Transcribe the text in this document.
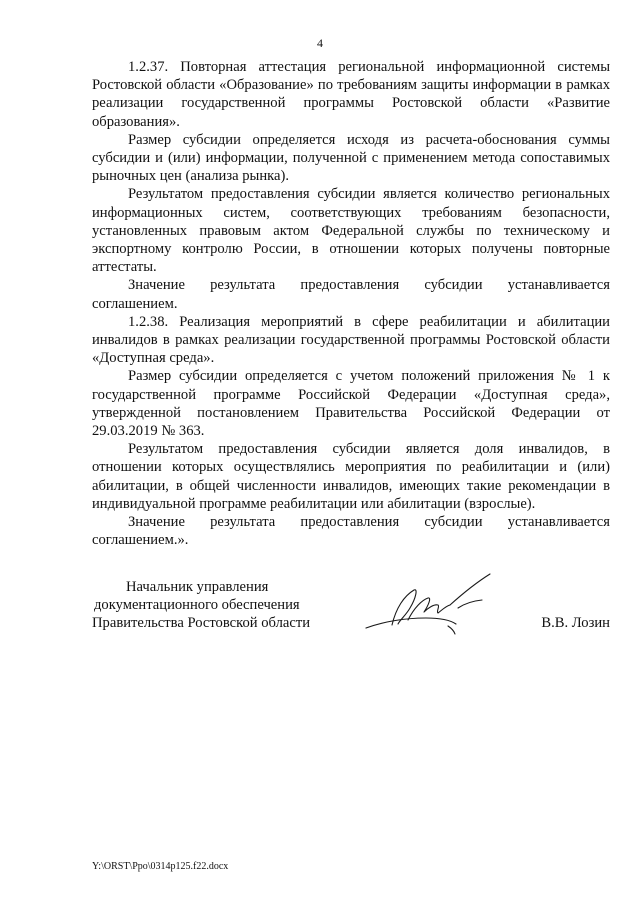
4

1.2.37. Повторная аттестация региональной информационной системы Ростовской области «Образование» по требованиям защиты информации в рамках реализации государственной программы Ростовской области «Развитие образования».

Размер субсидии определяется исходя из расчета-обоснования суммы субсидии и (или) информации, полученной с применением метода сопоставимых рыночных цен (анализа рынка).

Результатом предоставления субсидии является количество региональных информационных систем, соответствующих требованиям безопасности, установленных правовым актом Федеральной службы по техническому и экспортному контролю России, в отношении которых получены повторные аттестаты.

Значение результата предоставления субсидии устанавливается соглашением.

1.2.38. Реализация мероприятий в сфере реабилитации и абилитации инвалидов в рамках реализации государственной программы Ростовской области «Доступная среда».

Размер субсидии определяется с учетом положений приложения № 1 к государственной программе Российской Федерации «Доступная среда», утвержденной постановлением Правительства Российской Федерации от 29.03.2019 № 363.

Результатом предоставления субсидии является доля инвалидов, в отношении которых осуществлялись мероприятия по реабилитации и (или) абилитации, в общей численности инвалидов, имеющих такие рекомендации в индивидуальной программе реабилитации или абилитации (взрослые).

Значение результата предоставления субсидии устанавливается соглашением.».

Начальник управления
документационного обеспечения
Правительства Ростовской области	В.В. Лозин
Y:\ORST\Ppo\0314p125.f22.docx
